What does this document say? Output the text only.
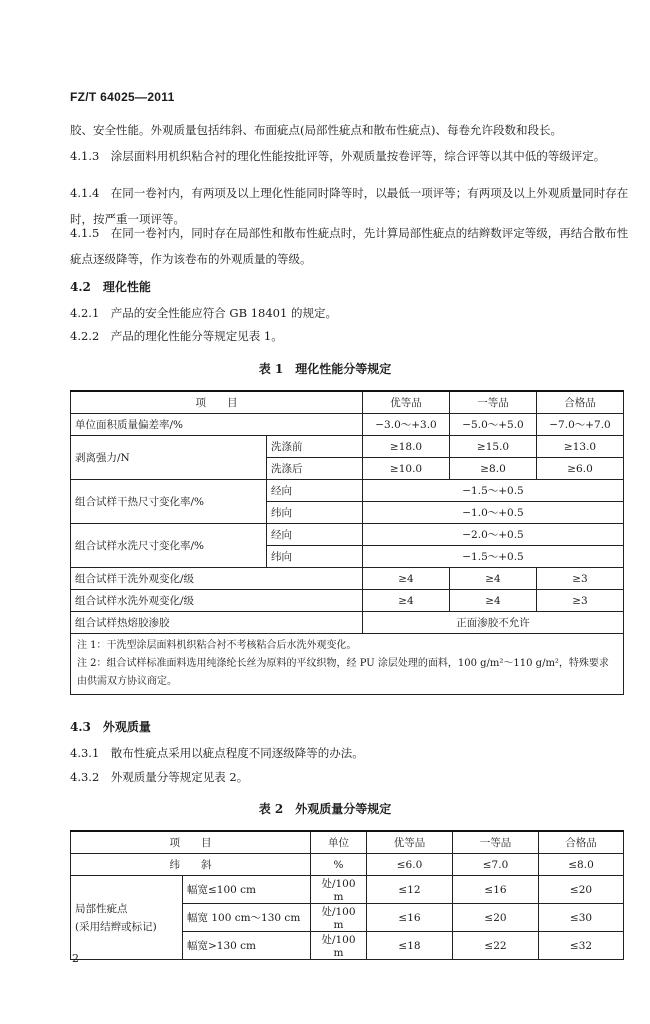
FZ/T 64025—2011

胶、安全性能。外观质量包括纬斜、布面疵点(局部性疵点和散布性疵点)、每卷允许段数和段长。

4.1.3　涂层面料用机织粘合衬的理化性能按批评等，外观质量按卷评等，综合评等以其中低的等级评定。

4.1.4　在同一卷衬内，有两项及以上理化性能同时降等时，以最低一项评等；有两项及以上外观质量同时存在时，按严重一项评等。

4.1.5　在同一卷衬内，同时存在局部性和散布性疵点时，先计算局部性疵点的结辫数评定等级，再结合散布性疵点逐级降等，作为该卷布的外观质量的等级。

4.2　理化性能

4.2.1　产品的安全性能应符合 GB 18401 的规定。

4.2.2　产品的理化性能分等规定见表 1。

表 1　理化性能分等规定

项　　目		优等品	一等品	合格品
单位面积质量偏差率/%		−3.0～+3.0	−5.0～+5.0	−7.0～+7.0
剥离强力/N	洗涤前	≥18.0	≥15.0	≥13.0
	洗涤后	≥10.0	≥8.0	≥6.0
组合试样干热尺寸变化率/%	经向	−1.5～+0.5		
	纬向	−1.0～+0.5		
组合试样水洗尺寸变化率/%	经向	−2.0～+0.5		
	纬向	−1.5～+0.5		
组合试样干洗外观变化/级		≥4	≥4	≥3
组合试样水洗外观变化/级		≥4	≥4	≥3
组合试样热熔胶渗胶		正面渗胶不允许		

注 1：干洗型涂层面料机织粘合衬不考核粘合后水洗外观变化。
注 2：组合试样标准面料选用纯涤纶长丝为原料的平纹织物，经 PU 涂层处理的面料，100 g/m²～110 g/m²，特殊要求由供需双方协议商定。				

4.3　外观质量

4.3.1　散布性疵点采用以疵点程度不同逐级降等的办法。

4.3.2　外观质量分等规定见表 2。

表 2　外观质量分等规定

项　　目		单位	优等品	一等品	合格品
纬　　斜		%	≤6.0	≤7.0	≤8.0

局部性疵点
(采用结辫或标记)	幅宽≤100 cm	处/100 m	≤12	≤16	≤20
	幅宽 100 cm～130 cm	处/100 m	≤16	≤20	≤30
	幅宽>130 cm	处/100 m	≤18	≤22	≤32
2
